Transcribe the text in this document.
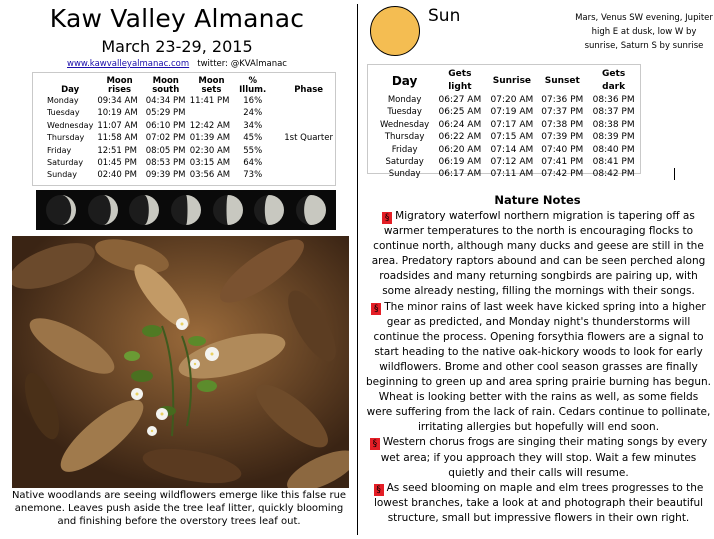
Kaw Valley Almanac
March 23-29, 2015
www.kawvalleyalmanac.com twitter: @KVAlmanac
Day	Moon rises	Moon south	Moon sets	% Illum.	Phase
Monday	09:34 AM	04:34 PM	11:41 PM	16%	
Tuesday	10:19 AM	05:29 PM		24%	
Wednesday	11:07 AM	06:10 PM	12:42 AM	34%	
Thursday	11:58 AM	07:02 PM	01:39 AM	45%	1st Quarter
Friday	12:51 PM	08:05 PM	02:30 AM	55%	
Saturday	01:45 PM	08:53 PM	03:15 AM	64%	
Sunday	02:40 PM	09:39 PM	03:56 AM	73%	
Native woodlands are seeing wildflowers emerge like this false rue anemone. Leaves push aside the tree leaf litter, quickly blooming and finishing before the overstory trees leaf out.
Sun	Mars, Venus SW evening, Jupiter high E at dusk, low W by sunrise, Saturn S by sunrise
Day	Gets light	Sunrise	Sunset	Gets dark
Monday	06:27 AM	07:20 AM	07:36 PM	08:36 PM
Tuesday	06:25 AM	07:19 AM	07:37 PM	08:37 PM
Wednesday	06:24 AM	07:17 AM	07:38 PM	08:38 PM
Thursday	06:22 AM	07:15 AM	07:39 PM	08:39 PM
Friday	06:20 AM	07:14 AM	07:40 PM	08:40 PM
Saturday	06:19 AM	07:12 AM	07:41 PM	08:41 PM
Sunday	06:17 AM	07:11 AM	07:42 PM	08:42 PM
Nature Notes
§ Migratory waterfowl northern migration is tapering off as warmer temperatures to the north is encouraging flocks to continue north, although many ducks and geese are still in the area. Predatory raptors abound and can be seen perched along roadsides and many returning songbirds are pairing up, with some already nesting, filling the mornings with their songs.
§ The minor rains of last week have kicked spring into a higher gear as predicted, and Monday night's thunderstorms will continue the process. Opening forsythia flowers are a signal to start heading to the native oak-hickory woods to look for early wildflowers. Brome and other cool season grasses are finally beginning to green up and area spring prairie burning has begun. Wheat is looking better with the rains as well, as some fields were suffering from the lack of rain. Cedars continue to pollinate, irritating allergies but hopefully will end soon.
§ Western chorus frogs are singing their mating songs by every wet area; if you approach they will stop. Wait a few minutes quietly and their calls will resume.
§ As seed blooming on maple and elm trees progresses to the lowest branches, take a look at and photograph their beautiful structure, small but impressive flowers in their own right.
